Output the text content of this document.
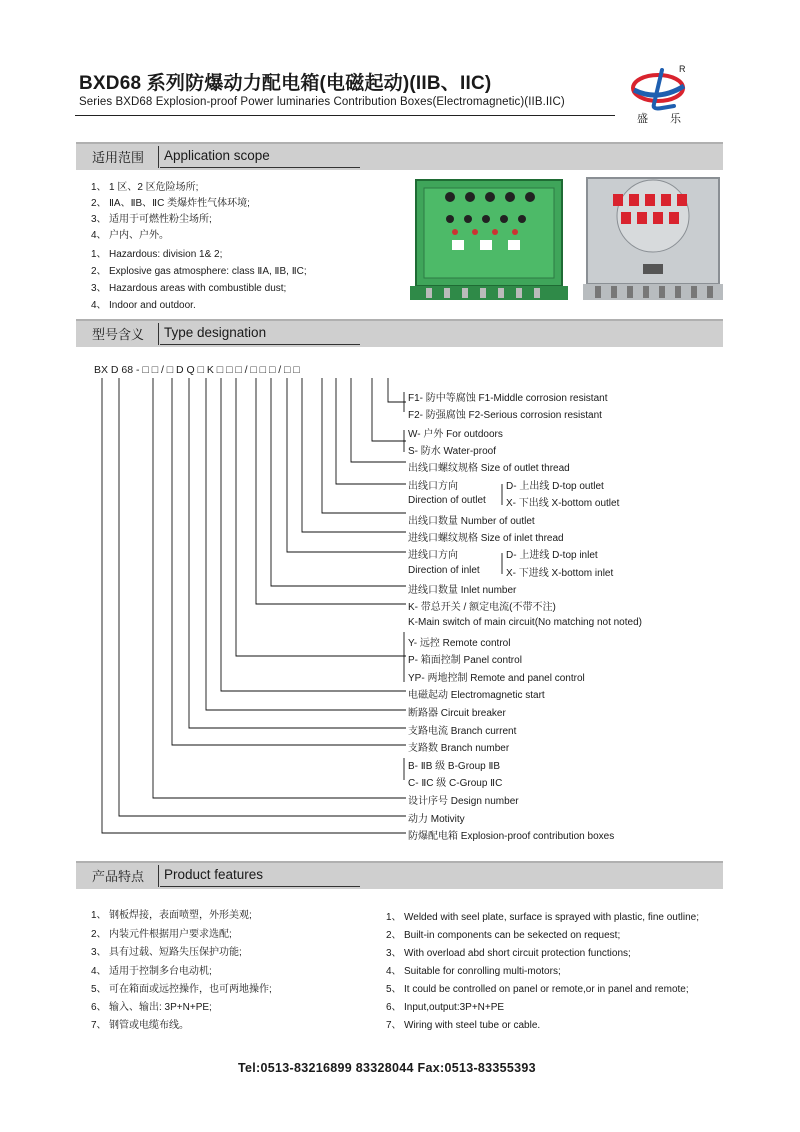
BXD68 系列防爆动力配电箱(电磁起动)(IIB、IIC)
Series BXD68 Explosion-proof Power luminaries Contribution Boxes(Electromagnetic)(IIB.IIC)
R
盛 乐
适用范围	Application scope
1、 1 区、2 区危险场所;
2、 ⅡA、ⅡB、ⅡC 类爆炸性气体环境;
3、 适用于可燃性粉尘场所;
4、 户内、户外。
1、 Hazardous: division 1& 2;
2、 Explosive gas atmosphere: class ⅡA, ⅡB, ⅡC;
3、 Hazardous areas with combustible dust;
4、 Indoor and outdoor.
型号含义	Type designation
BX D 68 - □ □ / □ D Q □ K □ □ □ / □ □ □ / □ □
F1- 防中等腐蚀 F1-Middle corrosion resistant
F2- 防强腐蚀 F2-Serious corrosion resistant
W- 户外 For outdoors
S- 防水 Water-proof
出线口螺纹规格 Size of outlet thread
出线口方向	D- 上出线 D-top outlet
Direction of outlet X- 下出线 X-bottom outlet
出线口数量 Number of outlet
进线口螺纹规格 Size of inlet thread
进线口方向	D- 上进线 D-top inlet
Direction of inlet	X- 下进线 X-bottom inlet
进线口数量 Inlet number
K- 带总开关 / 额定电流(不带不注)
K-Main switch of main circuit(No matching not noted)
Y- 远控 Remote control
P- 箱面控制 Panel control
YP- 两地控制 Remote and panel control
电磁起动 Electromagnetic start
断路器 Circuit breaker
支路电流 Branch current
支路数 Branch number
B- ⅡB 级 B-Group ⅡB
C- ⅡC 级 C-Group ⅡC
设计序号 Design number
动力 Motivity
防爆配电箱 Explosion-proof contribution boxes
产品特点	Product features
1、 钢板焊接，表面喷塑，外形美观;
2、 内装元件根据用户要求选配;
3、 具有过载、短路失压保护功能;
4、 适用于控制多台电动机;
5、 可在箱面或远控操作，也可两地操作;
6、 输入、输出: 3P+N+PE;
7、 钢管或电缆布线。
1、 Welded with seel plate, surface is sprayed with plastic, fine outline;
2、 Built-in components can be sekected on request;
3、 With overload abd short circuit protection functions;
4、 Suitable for conrolling multi-motors;
5、 It could be controlled on panel or remote,or in panel and remote;
6、 Input,output:3P+N+PE
7、 Wiring with steel tube or cable.
Tel:0513-83216899 83328044 Fax:0513-83355393
